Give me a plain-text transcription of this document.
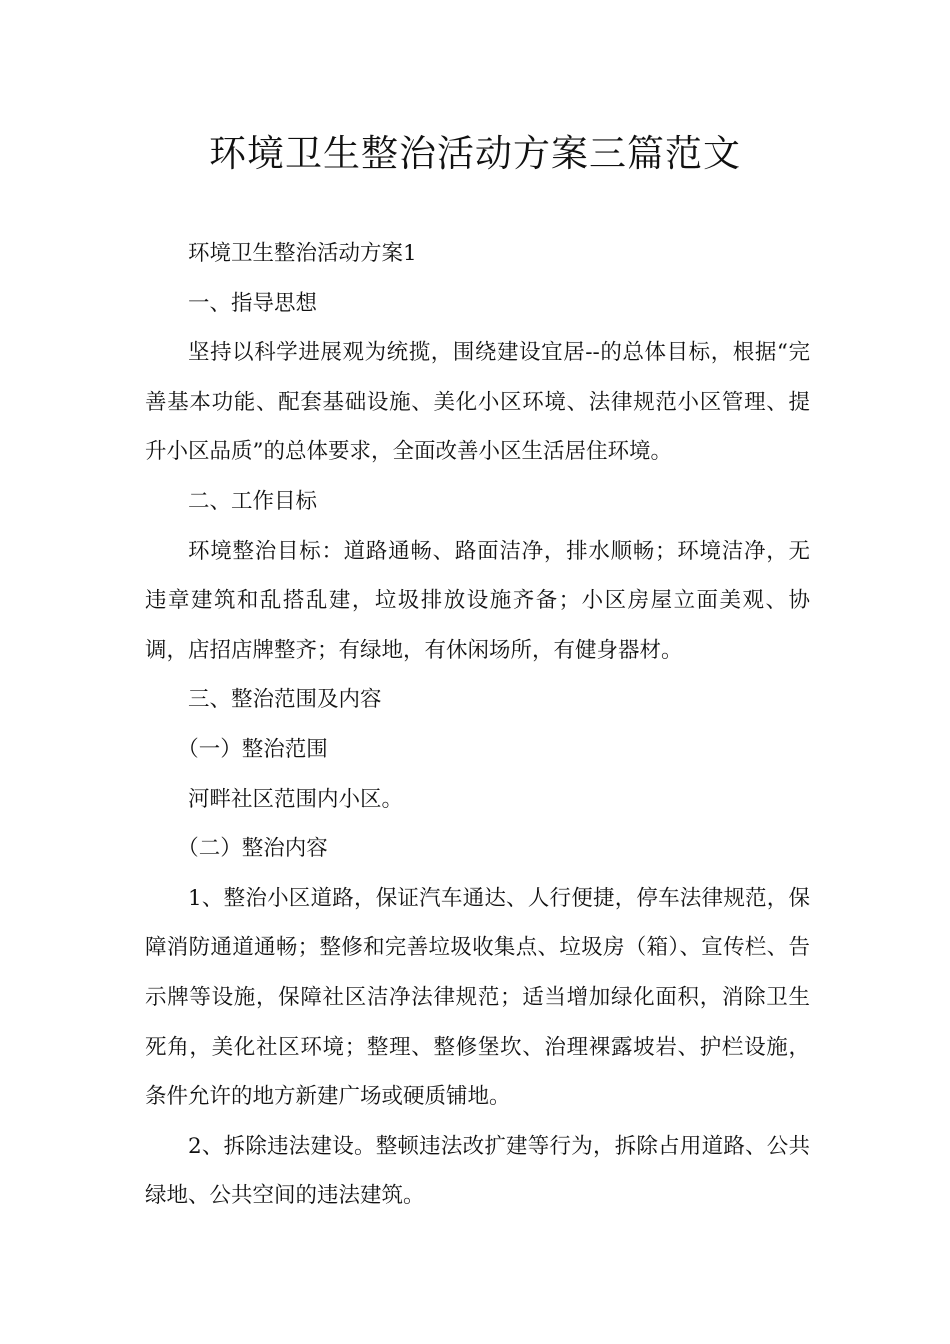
环境卫生整治活动方案三篇范文

环境卫生整治活动方案1

一、指导思想

坚持以科学进展观为统揽，围绕建设宜居--的总体目标，根据“完善基本功能、配套基础设施、美化小区环境、法律规范小区管理、提升小区品质”的总体要求，全面改善小区生活居住环境。

二、工作目标

环境整治目标：道路通畅、路面洁净，排水顺畅；环境洁净，无违章建筑和乱搭乱建，垃圾排放设施齐备；小区房屋立面美观、协调，店招店牌整齐；有绿地，有休闲场所，有健身器材。

三、整治范围及内容

（一）整治范围

河畔社区范围内小区。

（二）整治内容

1、整治小区道路，保证汽车通达、人行便捷，停车法律规范，保障消防通道通畅；整修和完善垃圾收集点、垃圾房（箱）、宣传栏、告示牌等设施，保障社区洁净法律规范；适当增加绿化面积，消除卫生死角，美化社区环境；整理、整修堡坎、治理裸露坡岩、护栏设施，条件允许的地方新建广场或硬质铺地。

2、拆除违法建设。整顿违法改扩建等行为，拆除占用道路、公共绿地、公共空间的违法建筑。
